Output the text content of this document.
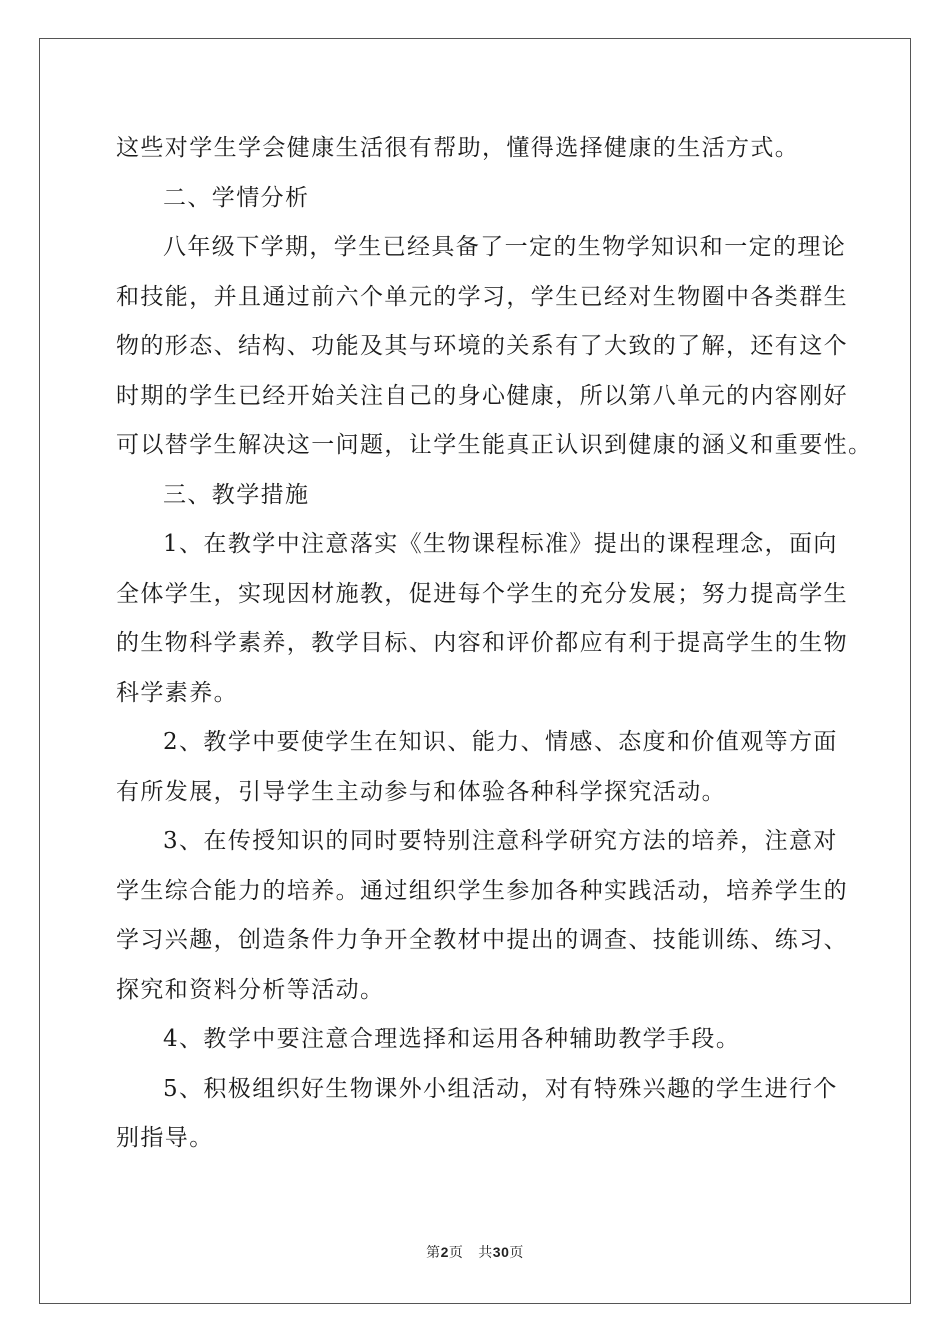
这些对学生学会健康生活很有帮助，懂得选择健康的生活方式。
二、学情分析
八年级下学期，学生已经具备了一定的生物学知识和一定的理论
和技能，并且通过前六个单元的学习，学生已经对生物圈中各类群生
物的形态、结构、功能及其与环境的关系有了大致的了解，还有这个
时期的学生已经开始关注自己的身心健康，所以第八单元的内容刚好
可以替学生解决这一问题，让学生能真正认识到健康的涵义和重要性。
三、教学措施
1、在教学中注意落实《生物课程标准》提出的课程理念，面向
全体学生，实现因材施教，促进每个学生的充分发展；努力提高学生
的生物科学素养，教学目标、内容和评价都应有利于提高学生的生物
科学素养。
2、教学中要使学生在知识、能力、情感、态度和价值观等方面
有所发展，引导学生主动参与和体验各种科学探究活动。
3、在传授知识的同时要特别注意科学研究方法的培养，注意对
学生综合能力的培养。通过组织学生参加各种实践活动，培养学生的
学习兴趣，创造条件力争开全教材中提出的调查、技能训练、练习、
探究和资料分析等活动。
4、教学中要注意合理选择和运用各种辅助教学手段。
5、积极组织好生物课外小组活动，对有特殊兴趣的学生进行个
别指导。
第2页 共30页
